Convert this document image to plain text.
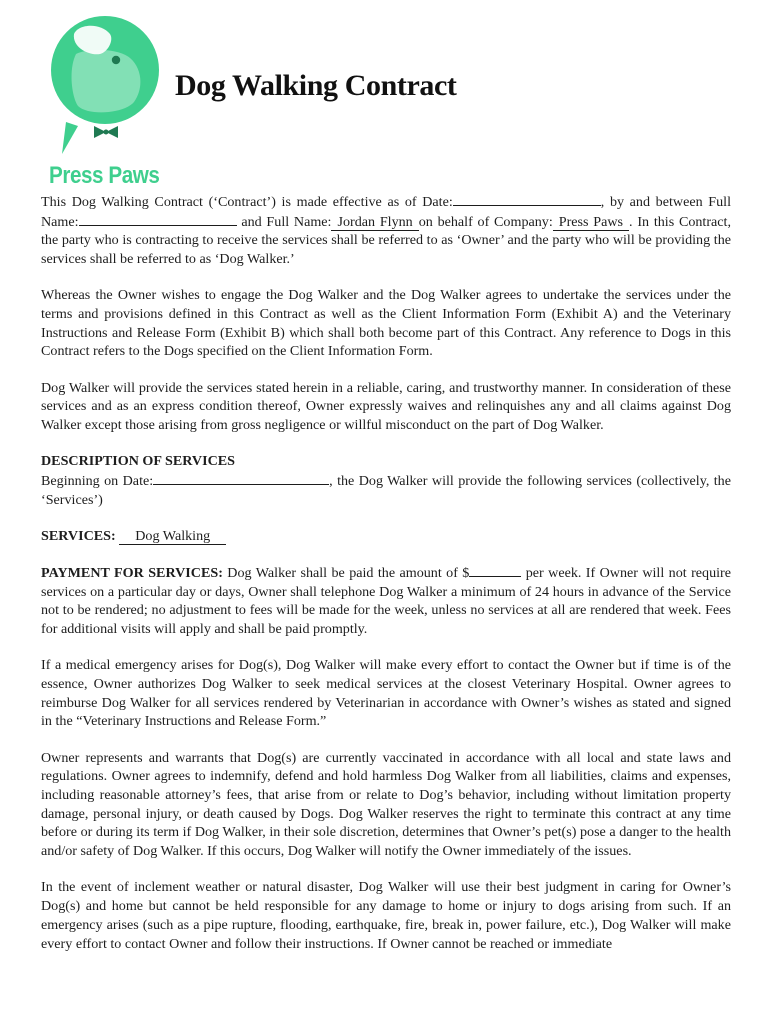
Press Paws
Dog Walking Contract

This Dog Walking Contract (‘Contract’) is made effective as of Date:	, by and between Full Name:	and Full Name: Jordan Flynn on behalf of Company: Press Paws . In this Contract, the party who is contracting to receive the services shall be referred to as ‘Owner’ and the party who will be providing the services shall be referred to as ‘Dog Walker.’

Whereas the Owner wishes to engage the Dog Walker and the Dog Walker agrees to undertake the services under the terms and provisions defined in this Contract as well as the Client Information Form (Exhibit A) and the Veterinary Instructions and Release Form (Exhibit B) which shall both become part of this Contract. Any reference to Dogs in this Contract refers to the Dogs specified on the Client Information Form.

Dog Walker will provide the services stated herein in a reliable, caring, and trustworthy manner. In consideration of these services and as an express condition thereof, Owner expressly waives and relinquishes any and all claims against Dog Walker except those arising from gross negligence or willful misconduct on the part of Dog Walker.

DESCRIPTION OF SERVICES
Beginning on Date:	, the Dog Walker will provide the following services (collectively, the ‘Services’)

SERVICES: Dog Walking

PAYMENT FOR SERVICES: Dog Walker shall be paid the amount of $	per week. If Owner will not require services on a particular day or days, Owner shall telephone Dog Walker a minimum of 24 hours in advance of the Service not to be rendered; no adjustment to fees will be made for the week, unless no services at all are rendered that week. Fees for additional visits will apply and shall be paid promptly.

If a medical emergency arises for Dog(s), Dog Walker will make every effort to contact the Owner but if time is of the essence, Owner authorizes Dog Walker to seek medical services at the closest Veterinary Hospital. Owner agrees to reimburse Dog Walker for all services rendered by Veterinarian in accordance with Owner’s wishes as stated and signed in the “Veterinary Instructions and Release Form.”

Owner represents and warrants that Dog(s) are currently vaccinated in accordance with all local and state laws and regulations. Owner agrees to indemnify, defend and hold harmless Dog Walker from all liabilities, claims and expenses, including reasonable attorney’s fees, that arise from or relate to Dog’s behavior, including without limitation property damage, personal injury, or death caused by Dogs. Dog Walker reserves the right to terminate this contract at any time before or during its term if Dog Walker, in their sole discretion, determines that Owner’s pet(s) pose a danger to the health and/or safety of Dog Walker. If this occurs, Dog Walker will notify the Owner immediately of the issues.

In the event of inclement weather or natural disaster, Dog Walker will use their best judgment in caring for Owner’s Dog(s) and home but cannot be held responsible for any damage to home or injury to dogs arising from such. If an emergency arises (such as a pipe rupture, flooding, earthquake, fire, break in, power failure, etc.), Dog Walker will make every effort to contact Owner and follow their instructions. If Owner cannot be reached or immediate
